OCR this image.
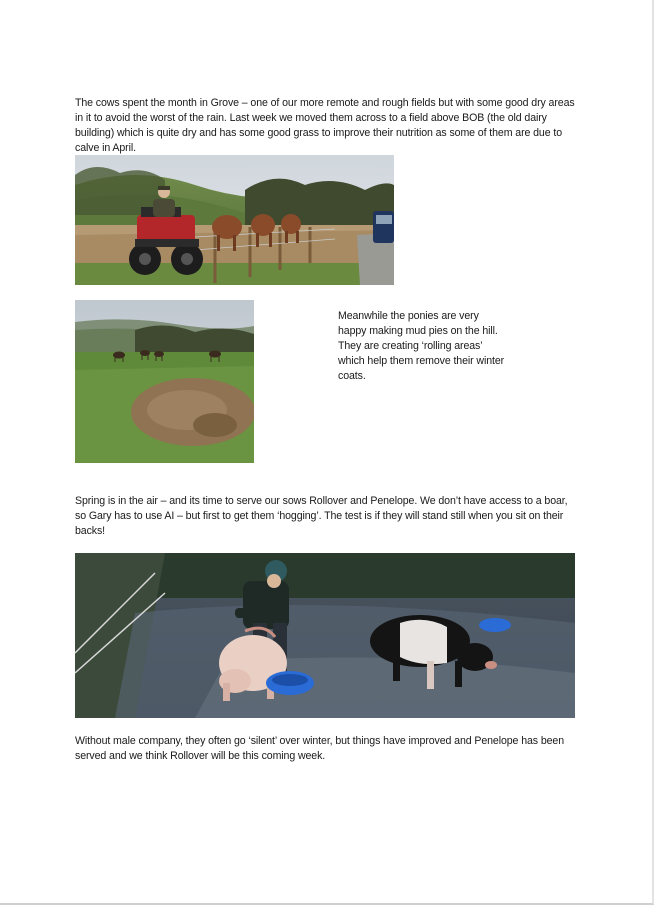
The cows spent the month in Grove – one of our more remote and rough fields but with some good dry areas in it to avoid the worst of the rain. Last week we moved them across to a field above BOB (the old dairy building) which is quite dry and has some good grass to improve their nutrition as some of them are due to calve in April.

Meanwhile the ponies are very happy making mud pies on the hill. They are creating ‘rolling areas’ which help them remove their winter coats.

Spring is in the air – and its time to serve our sows Rollover and Penelope. We don’t have access to a boar, so Gary has to use AI – but first to get them ‘hogging’. The test is if they will stand still when you sit on their backs!

Without male company, they often go ‘silent’ over winter, but things have improved and Penelope has been served and we think Rollover will be this coming week.
